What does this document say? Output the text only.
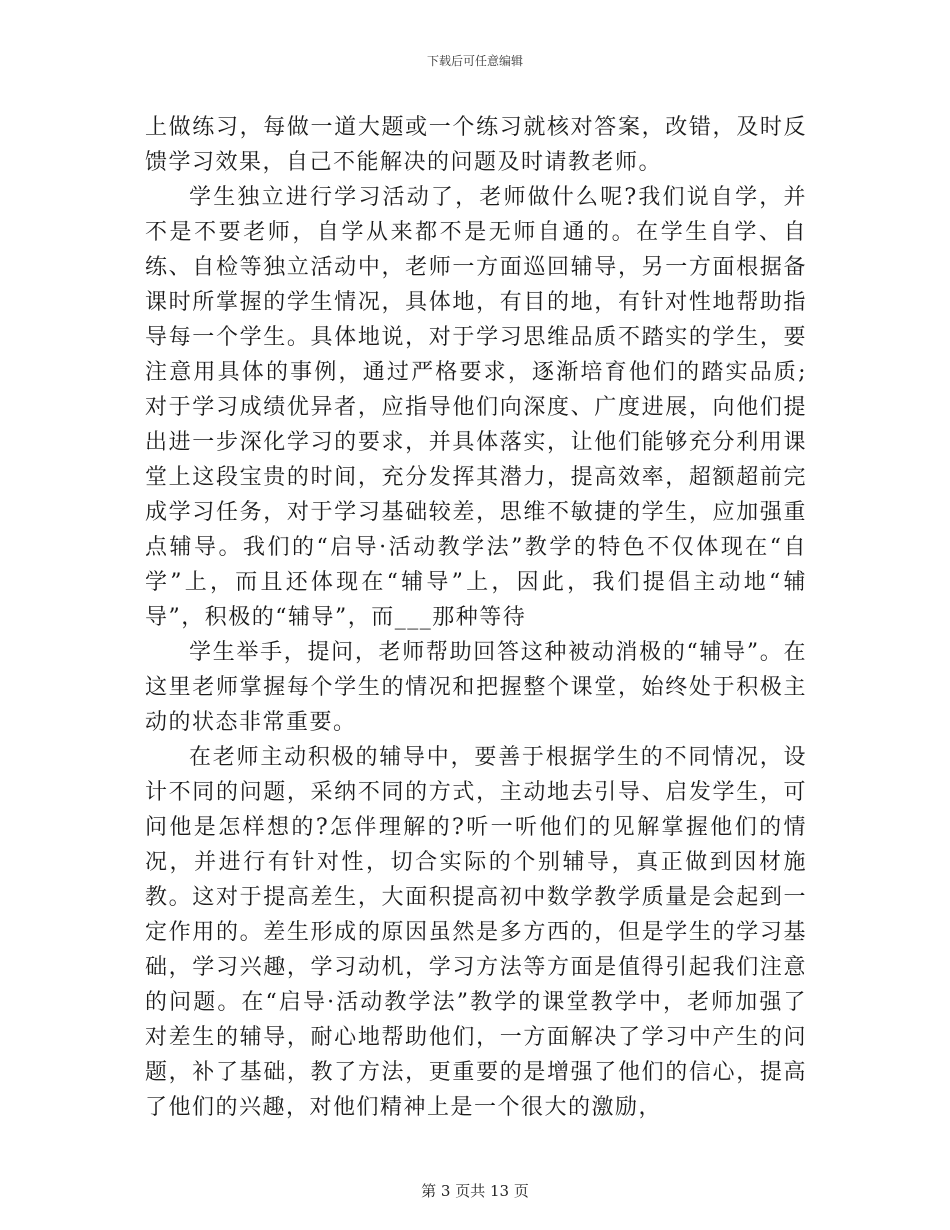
下载后可任意编辑

上做练习，每做一道大题或一个练习就核对答案，改错，及时反馈学习效果，自己不能解决的问题及时请教老师。

学生独立进行学习活动了，老师做什么呢?我们说自学，并不是不要老师，自学从来都不是无师自通的。在学生自学、自练、自检等独立活动中，老师一方面巡回辅导，另一方面根据备课时所掌握的学生情况，具体地，有目的地，有针对性地帮助指导每一个学生。具体地说，对于学习思维品质不踏实的学生，要注意用具体的事例，通过严格要求，逐渐培育他们的踏实品质;对于学习成绩优异者，应指导他们向深度、广度进展，向他们提出进一步深化学习的要求，并具体落实，让他们能够充分利用课堂上这段宝贵的时间，充分发挥其潜力，提高效率，超额超前完成学习任务，对于学习基础较差，思维不敏捷的学生，应加强重点辅导。我们的“启导·活动教学法”教学的特色不仅体现在“自学”上，而且还体现在“辅导”上，因此，我们提倡主动地“辅导”，积极的“辅导”，而___那种等待

学生举手，提问，老师帮助回答这种被动消极的“辅导”。在这里老师掌握每个学生的情况和把握整个课堂，始终处于积极主动的状态非常重要。

在老师主动积极的辅导中，要善于根据学生的不同情况，设计不同的问题，采纳不同的方式，主动地去引导、启发学生，可问他是怎样想的?怎伴理解的?听一听他们的见解掌握他们的情况，并进行有针对性，切合实际的个别辅导，真正做到因材施教。这对于提高差生，大面积提高初中数学教学质量是会起到一定作用的。差生形成的原因虽然是多方西的，但是学生的学习基础，学习兴趣，学习动机，学习方法等方面是值得引起我们注意的问题。在“启导·活动教学法”教学的课堂教学中，老师加强了对差生的辅导，耐心地帮助他们，一方面解决了学习中产生的问题，补了基础，教了方法，更重要的是增强了他们的信心，提高了他们的兴趣，对他们精神上是一个很大的激励，

第 3 页共 13 页
